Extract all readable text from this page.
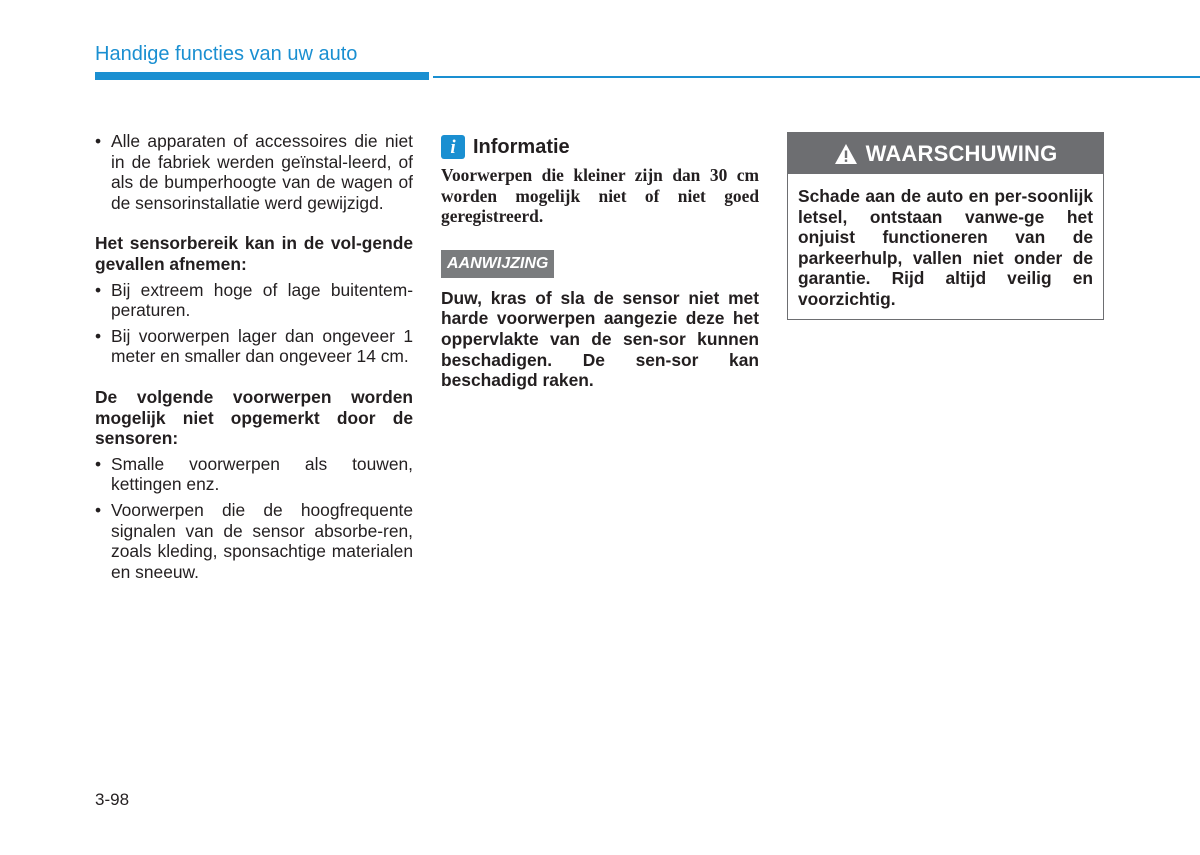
Handige functies van uw auto
• Alle apparaten of accessoires die niet in de fabriek werden geïnstal-leerd, of als de bumperhoogte van de wagen of de sensorinstallatie werd gewijzigd.
Het sensorbereik kan in de vol-gende gevallen afnemen:
• Bij extreem hoge of lage buitentem-peraturen.
• Bij voorwerpen lager dan ongeveer 1 meter en smaller dan ongeveer 14 cm.
De volgende voorwerpen worden mogelijk niet opgemerkt door de sensoren:
• Smalle voorwerpen als touwen, kettingen enz.
• Voorwerpen die de hoogfrequente signalen van de sensor absorbe-ren, zoals kleding, sponsachtige materialen en sneeuw.
i Informatie
Voorwerpen die kleiner zijn dan 30 cm worden mogelijk niet of niet goed geregistreerd.
AANWIJZING
Duw, kras of sla de sensor niet met harde voorwerpen aangezie deze het oppervlakte van de sen-sor kunnen beschadigen. De sen-sor kan beschadigd raken.
WAARSCHUWING
Schade aan de auto en per-soonlijk letsel, ontstaan vanwe-ge het onjuist functioneren van de parkeerhulp, vallen niet onder de garantie. Rijd altijd veilig en voorzichtig.
3-98
